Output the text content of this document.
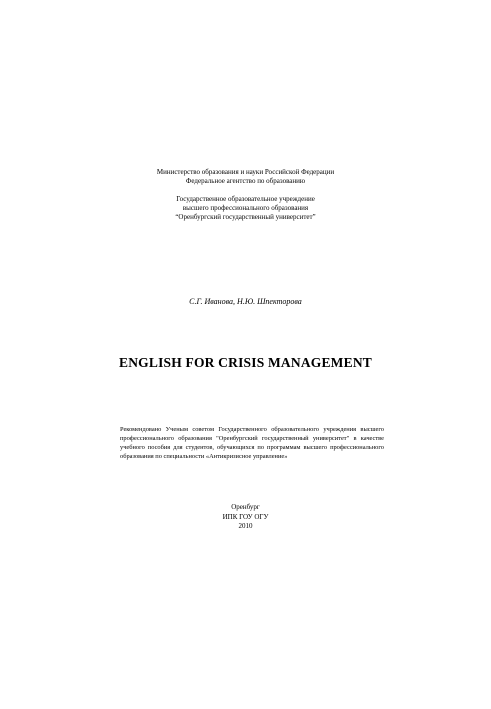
Министерство образования и науки Российской Федерации
Федеральное агентство по образованию
Государственное образовательное учреждение
высшего профессионального образования
“Оренбургский государственный университет”
С.Г. Иванова, Н.Ю. Шпекторова
ENGLISH FOR CRISIS MANAGEMENT
Рекомендовано Ученым советом Государственного образовательного учреждения высшего профессионального образования "Оренбургский государственный университет" в качестве учебного пособия для студентов, обучающихся по программам высшего профессионального образования по специальности «Антикризисное управление»
Оренбург
ИПК ГОУ ОГУ
2010
